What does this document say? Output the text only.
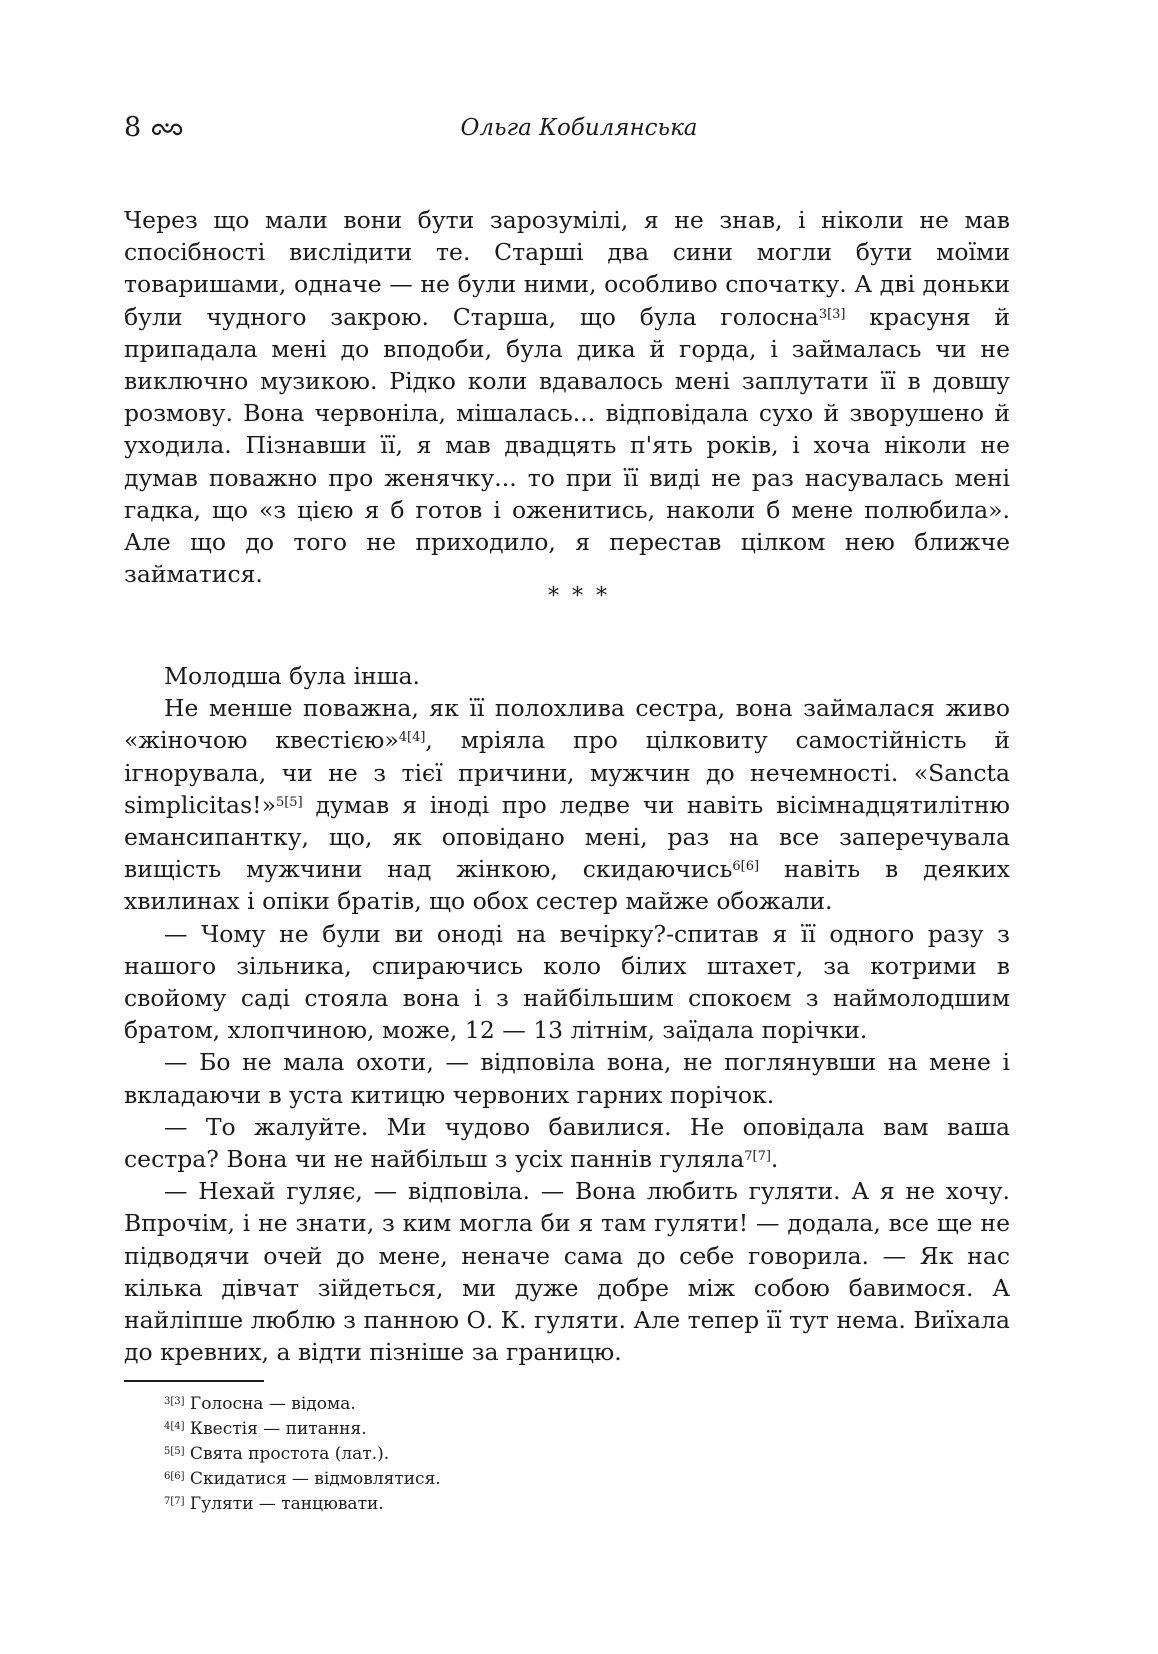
8	Ольга Кобилянська

Через що мали вони бути зарозумілі, я не знав, і ніколи не мав спосібності вислідити те. Старші два сини могли бути моїми товаришами, одначе — не були ними, особливо спочатку. А дві доньки були чудного закрою. Старша, що була голосна$^{3[3]}$ красуня й припадала мені до вподоби, була дика й горда, і займалась чи не виключно музикою. Рідко коли вдавалось мені заплутати її в довшу розмову. Вона червоніла, мішалась... відповідала сухо й зворушено й уходила. Пізнавши її, я мав двадцять п'ять років, і хоча ніколи не думав поважно про женячку... то при її виді не раз насувалась мені гадка, що «з цією я б готов і оженитись, наколи б мене полюбила». Але що до того не приходило, я перестав цілком нею ближче займатися.

* * *

Молодша була інша.

Не менше поважна, як її полохлива сестра, вона займалася живо «жіночою квестією»$^{4[4]}$, мріяла про цілковиту самостійність й ігнорувала, чи не з тієї причини, мужчин до нечемності. «Sancta simplicitas!»$^{5[5]}$ думав я іноді про ледве чи навіть вісімнадцятилітню емансипантку, що, як оповідано мені, раз на все заперечувала вищість мужчини над жінкою, скидаючись$^{6[6]}$ навіть в деяких хвилинах і опіки братів, що обох сестер майже обожали.

— Чому не були ви оноді на вечірку?-спитав я її одного разу з нашого зільника, спираючись коло білих штахет, за котрими в свойому саді стояла вона і з найбільшим спокоєм з наймолодшим братом, хлопчиною, може, 12 — 13 літнім, заїдала порічки.

— Бо не мала охоти, — відповіла вона, не поглянувши на мене і вкладаючи в уста китицю червоних гарних порічок.

— То жалуйте. Ми чудово бавилися. Не оповідала вам ваша сестра? Вона чи не найбільш з усіх паннів гуляла$^{7[7]}$.

— Нехай гуляє, — відповіла. — Вона любить гуляти. А я не хочу. Впрочім, і не знати, з ким могла би я там гуляти! — додала, все ще не підводячи очей до мене, неначе сама до себе говорила. — Як нас кілька дівчат зійдеться, ми дуже добре між собою бавимося. А найліпше люблю з панною О. К. гуляти. Але тепер її тут нема. Виїхала до кревних, а відти пізніше за границю.

$^{3[3]}$ Голосна — відома.
$^{4[4]}$ Квестія — питання.
$^{5[5]}$ Свята простота (лат.).
$^{6[6]}$ Скидатися — відмовлятися.
$^{7[7]}$ Гуляти — танцювати.
